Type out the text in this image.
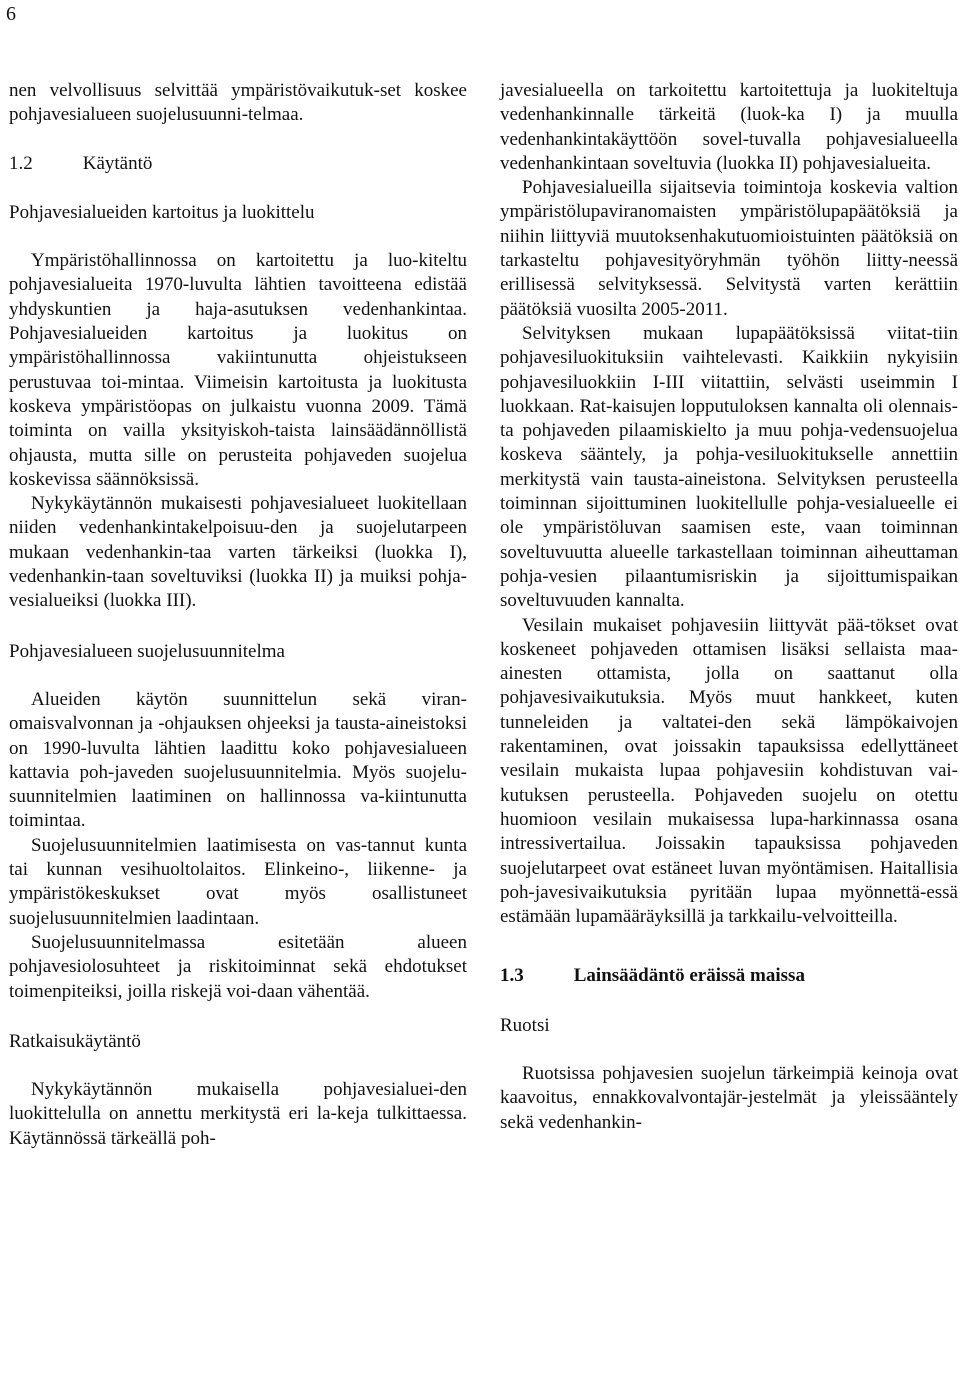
6

nen velvollisuus selvittää ympäristövaikutuk-set koskee pohjavesialueen suojelusuunni-telmaa.

1.2	Käytäntö
Pohjavesialueiden kartoitus ja luokittelu

Ympäristöhallinnossa on kartoitettu ja luo-kiteltu pohjavesialueita 1970-luvulta lähtien tavoitteena edistää yhdyskuntien ja haja-asutuksen vedenhankintaa. Pohjavesialueiden kartoitus ja luokitus on ympäristöhallinnossa vakiintunutta ohjeistukseen perustuvaa toi-mintaa. Viimeisin kartoitusta ja luokitusta koskeva ympäristöopas on julkaistu vuonna 2009. Tämä toiminta on vailla yksityiskoh-taista lainsäädännöllistä ohjausta, mutta sille on perusteita pohjaveden suojelua koskevissa säännöksissä.

Nykykäytännön mukaisesti pohjavesialueet luokitellaan niiden vedenhankintakelpoisuu-den ja suojelutarpeen mukaan vedenhankin-taa varten tärkeiksi (luokka I), vedenhankin-taan soveltuviksi (luokka II) ja muiksi pohja-vesialueiksi (luokka III).

Pohjavesialueen suojelusuunnitelma

Alueiden käytön suunnittelun sekä viran-omaisvalvonnan ja -ohjauksen ohjeeksi ja tausta-aineistoksi on 1990-luvulta lähtien laadittu koko pohjavesialueen kattavia poh-javeden suojelusuunnitelmia. Myös suojelu-suunnitelmien laatiminen on hallinnossa va-kiintunutta toimintaa.

Suojelusuunnitelmien laatimisesta on vas-tannut kunta tai kunnan vesihuoltolaitos. Elinkeino-, liikenne- ja ympäristökeskukset ovat myös osallistuneet suojelusuunnitelmien laadintaan.

Suojelusuunnitelmassa esitetään alueen pohjavesiolosuhteet ja riskitoiminnat sekä ehdotukset toimenpiteiksi, joilla riskejä voi-daan vähentää.

Ratkaisukäytäntö

Nykykäytännön mukaisella pohjavesialuei-den luokittelulla on annettu merkitystä eri la-keja tulkittaessa. Käytännössä tärkeällä poh-

javesialueella on tarkoitettu kartoitettuja ja luokiteltuja vedenhankinnalle tärkeitä (luok-ka I) ja muulla vedenhankintakäyttöön sovel-tuvalla pohjavesialueella vedenhankintaan soveltuvia (luokka II) pohjavesialueita.

Pohjavesialueilla sijaitsevia toimintoja koskevia valtion ympäristölupaviranomaisten ympäristölupapäätöksiä ja niihin liittyviä muutoksenhakutuomioistuinten päätöksiä on tarkasteltu pohjavesityöryhmän työhön liitty-neessä erillisessä selvityksessä. Selvitystä varten kerättiin päätöksiä vuosilta 2005-2011.

Selvityksen mukaan lupapäätöksissä viitat-tiin pohjavesiluokituksiin vaihtelevasti. Kaikkiin nykyisiin pohjavesiluokkiin I-III viitattiin, selvästi useimmin I luokkaan. Rat-kaisujen lopputuloksen kannalta oli olennais-ta pohjaveden pilaamiskielto ja muu pohja-vedensuojelua koskeva sääntely, ja pohja-vesiluokitukselle annettiin merkitystä vain tausta-aineistona. Selvityksen perusteella toiminnan sijoittuminen luokitellulle pohja-vesialueelle ei ole ympäristöluvan saamisen este, vaan toiminnan soveltuvuutta alueelle tarkastellaan toiminnan aiheuttaman pohja-vesien pilaantumisriskin ja sijoittumispaikan soveltuvuuden kannalta.

Vesilain mukaiset pohjavesiin liittyvät pää-tökset ovat koskeneet pohjaveden ottamisen lisäksi sellaista maa-ainesten ottamista, jolla on saattanut olla pohjavesivaikutuksia. Myös muut hankkeet, kuten tunneleiden ja valtatei-den sekä lämpökaivojen rakentaminen, ovat joissakin tapauksissa edellyttäneet vesilain mukaista lupaa pohjavesiin kohdistuvan vai-kutuksen perusteella. Pohjaveden suojelu on otettu huomioon vesilain mukaisessa lupa-harkinnassa osana intressivertailua. Joissakin tapauksissa pohjaveden suojelutarpeet ovat estäneet luvan myöntämisen. Haitallisia poh-javesivaikutuksia pyritään lupaa myönnettä-essä estämään lupamääräyksillä ja tarkkailu-velvoitteilla.

1.3	Lainsäädäntö eräissä maissa
Ruotsi

Ruotsissa pohjavesien suojelun tärkeimpiä keinoja ovat kaavoitus, ennakkovalvontajär-jestelmät ja yleissääntely sekä vedenhankin-
